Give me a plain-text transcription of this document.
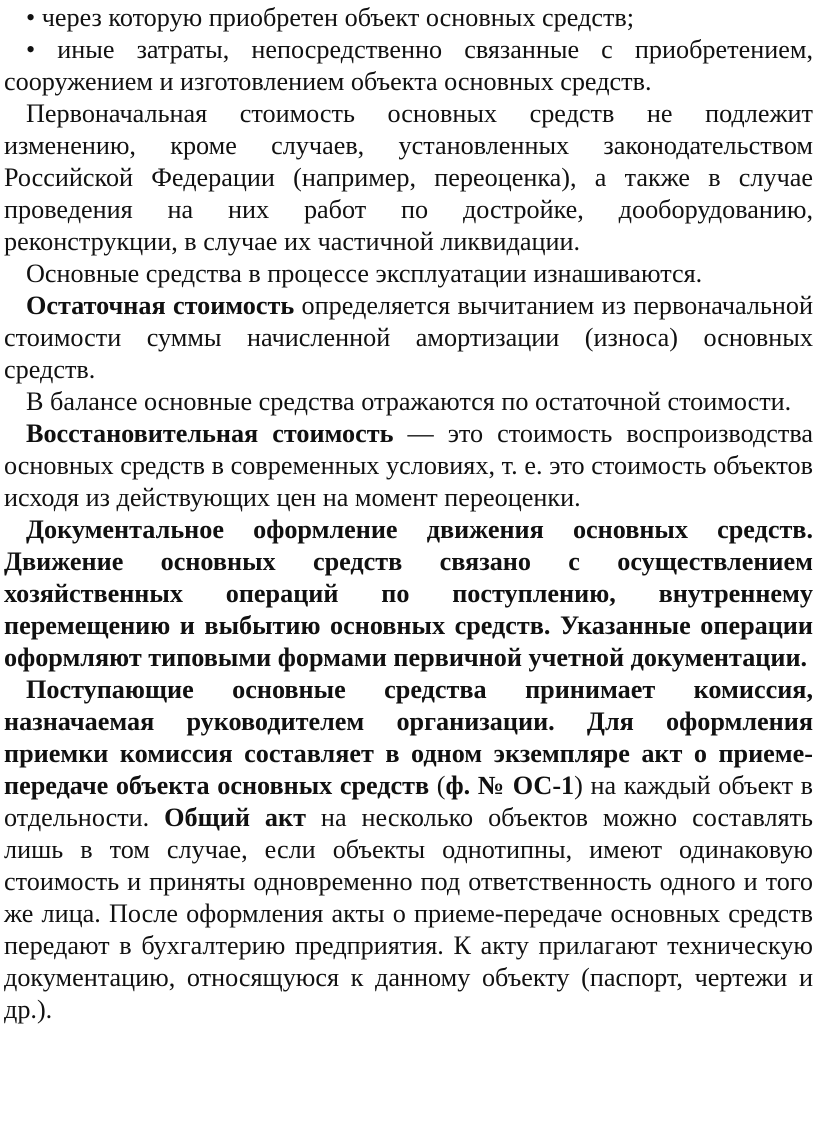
• через которую приобретен объект основных средств;

• иные затраты, непосредственно связанные с приобретением, сооружением и изготовлением объекта основных средств.

Первоначальная стоимость основных средств не подлежит изменению, кроме случаев, установленных законодательством Российской Федерации (например, переоценка), а также в случае проведения на них работ по достройке, дооборудованию, реконструкции, в случае их частичной ликвидации.

Основные средства в процессе эксплуатации изнашиваются.

Остаточная стоимость определяется вычитанием из первоначальной стоимости суммы начисленной амортизации (износа) основных средств.

В балансе основные средства отражаются по остаточной стоимости.

Восстановительная стоимость — это стоимость воспроизводства основных средств в современных условиях, т. е. это стоимость объектов исходя из действующих цен на момент переоценки.

Документальное оформление движения основных средств. Движение основных средств связано с осуществлением хозяйственных операций по поступлению, внутреннему перемещению и выбытию основных средств. Указанные операции оформляют типовыми формами первичной учетной документации.

Поступающие основные средства принимает комиссия, назначаемая руководителем организации. Для оформления приемки комиссия составляет в одном экземпляре акт о приеме-передаче объекта основных средств (ф. № ОС-1) на каждый объект в отдельности. Общий акт на несколько объектов можно составлять лишь в том случае, если объекты однотипны, имеют одинаковую стоимость и приняты одновременно под ответственность одного и того же лица. После оформления акты о приеме-передаче основных средств передают в бухгалтерию предприятия. К акту прилагают техническую документацию, относящуюся к данному объекту (паспорт, чертежи и др.).
